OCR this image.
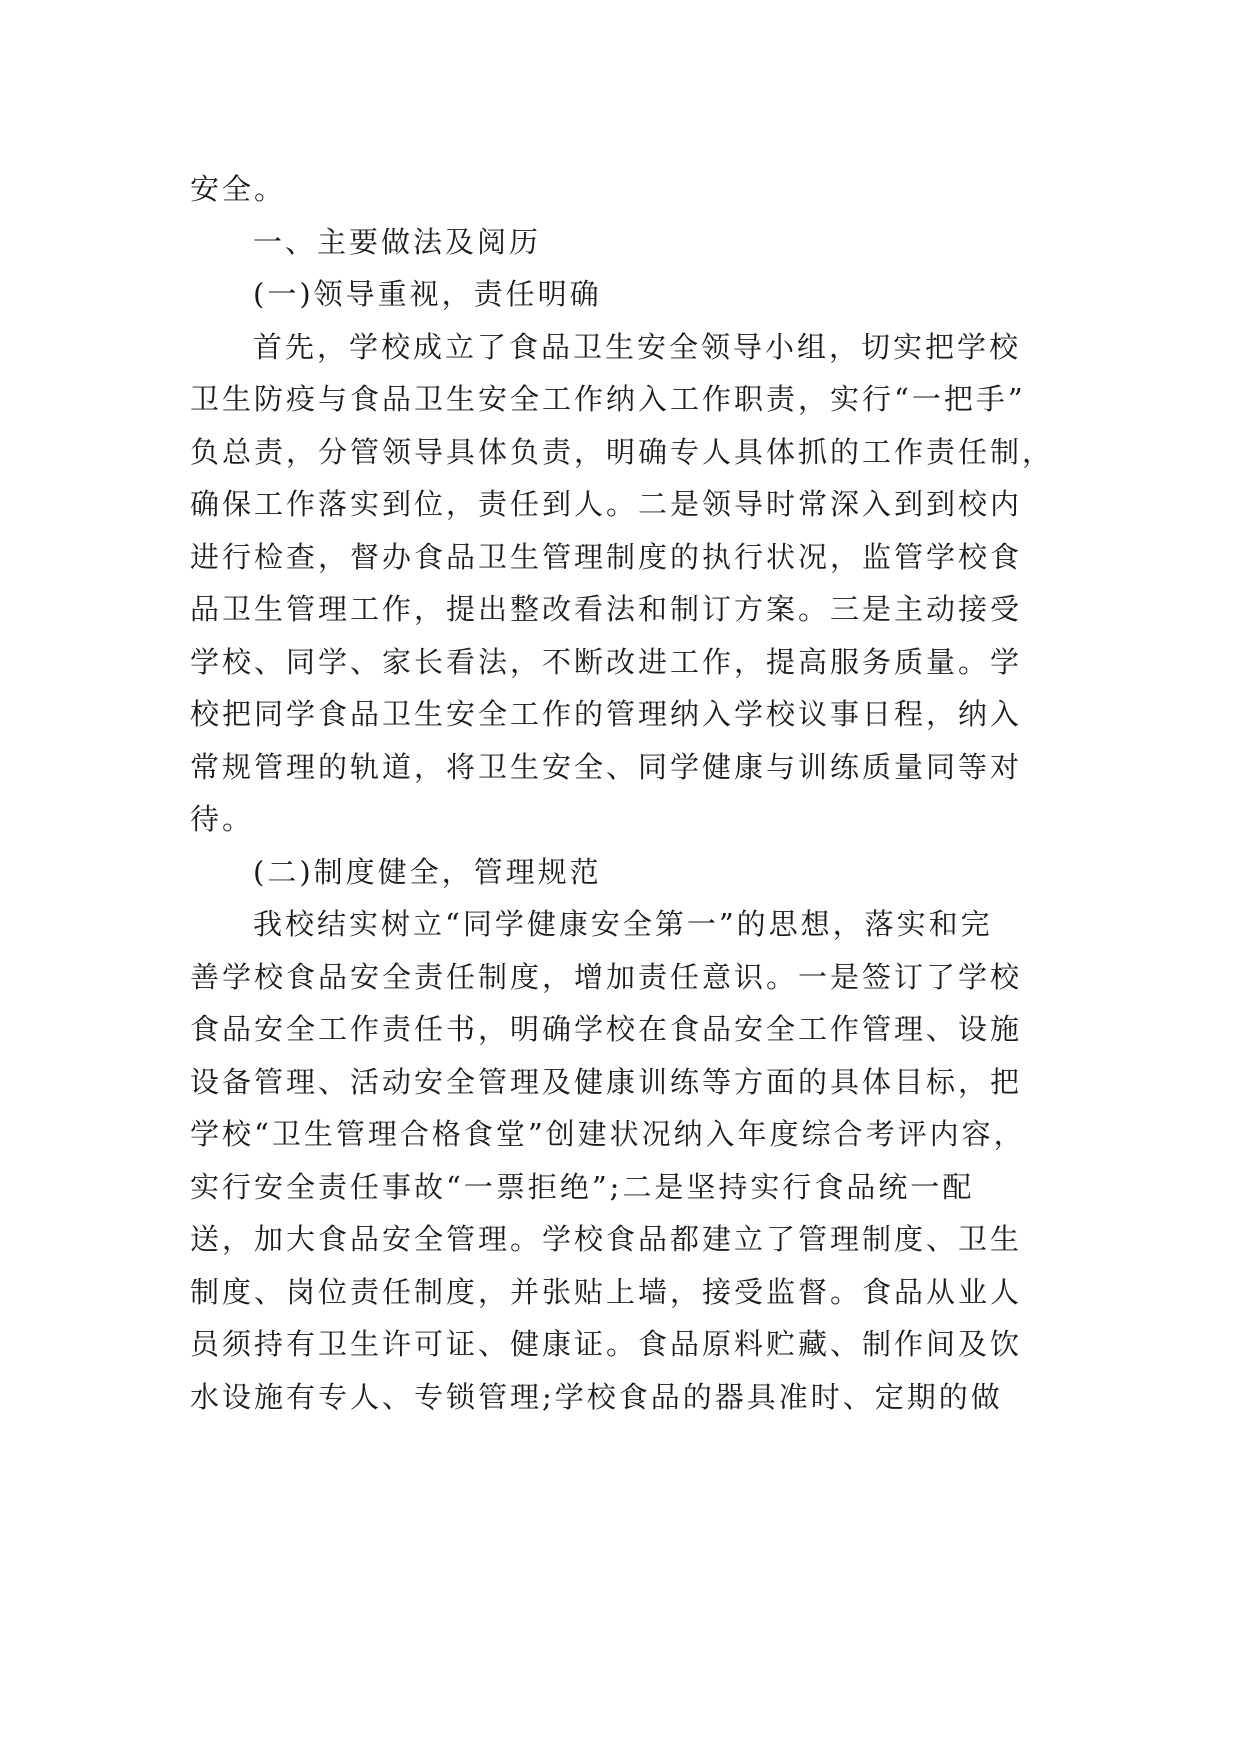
安全。
一、主要做法及阅历
(一)领导重视，责任明确
首先，学校成立了食品卫生安全领导小组，切实把学校
卫生防疫与食品卫生安全工作纳入工作职责，实行“一把手”
负总责，分管领导具体负责，明确专人具体抓的工作责任制，
确保工作落实到位，责任到人。二是领导时常深入到到校内
进行检查，督办食品卫生管理制度的执行状况，监管学校食
品卫生管理工作，提出整改看法和制订方案。三是主动接受
学校、同学、家长看法，不断改进工作，提高服务质量。学
校把同学食品卫生安全工作的管理纳入学校议事日程，纳入
常规管理的轨道，将卫生安全、同学健康与训练质量同等对
待。
(二)制度健全，管理规范
我校结实树立“同学健康安全第一”的思想，落实和完
善学校食品安全责任制度，增加责任意识。一是签订了学校
食品安全工作责任书，明确学校在食品安全工作管理、设施
设备管理、活动安全管理及健康训练等方面的具体目标，把
学校“卫生管理合格食堂”创建状况纳入年度综合考评内容，
实行安全责任事故“一票拒绝”;二是坚持实行食品统一配
送，加大食品安全管理。学校食品都建立了管理制度、卫生
制度、岗位责任制度，并张贴上墙，接受监督。食品从业人
员须持有卫生许可证、健康证。食品原料贮藏、制作间及饮
水设施有专人、专锁管理;学校食品的器具准时、定期的做
